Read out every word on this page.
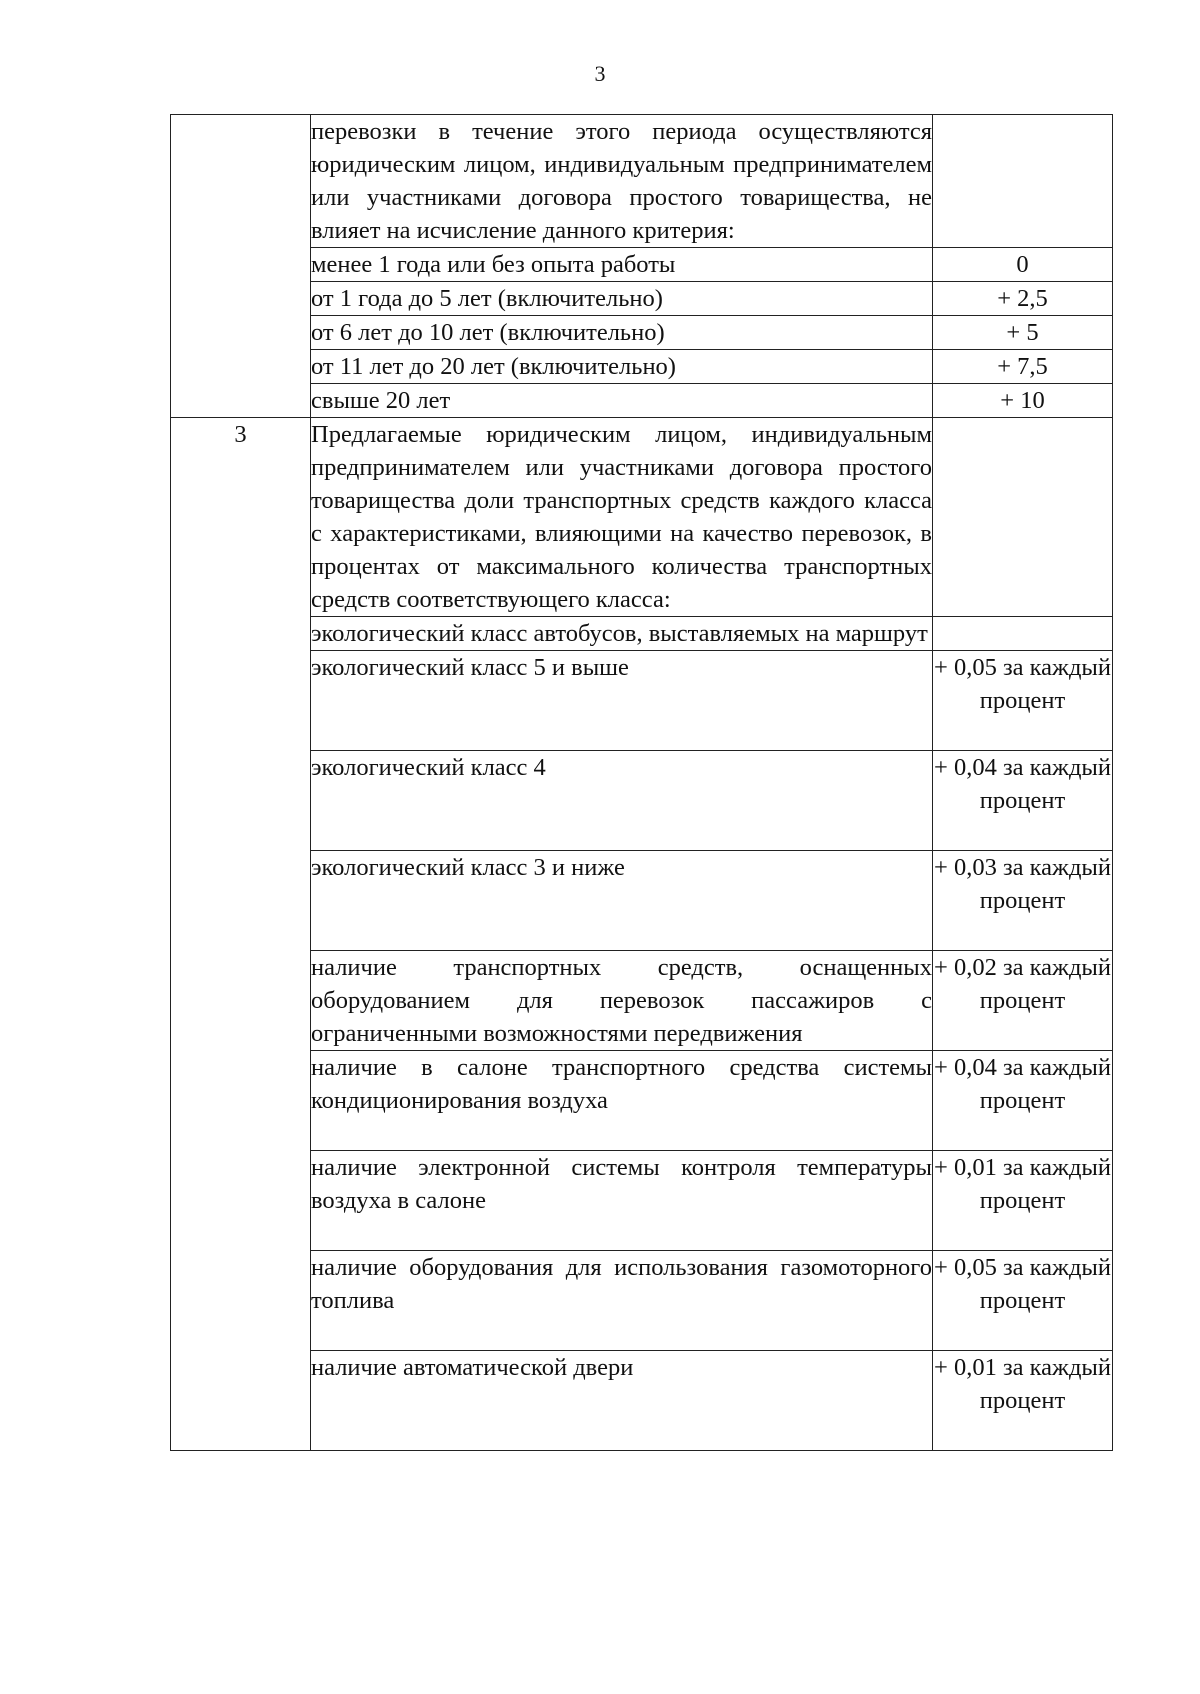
3
	перевозки в течение этого периода осуществляются юридическим лицом, индивидуальным предпринимателем или участниками договора простого товарищества, не влияет на исчисление данного критерия:	
	менее 1 года или без опыта работы	0
	от 1 года до 5 лет (включительно)	+ 2,5
	от 6 лет до 10 лет (включительно)	+ 5
	от 11 лет до 20 лет (включительно)	+ 7,5
	свыше 20 лет	+ 10
3	Предлагаемые юридическим лицом, индивидуальным предпринимателем или участниками договора простого товарищества доли транспортных средств каждого класса с характеристиками, влияющими на качество перевозок, в процентах от максимального количества транспортных средств соответствующего класса:	
	экологический класс автобусов, выставляемых на маршрут	
	экологический класс 5 и выше	+ 0,05 за каждый процент
	экологический класс 4	+ 0,04 за каждый процент
	экологический класс 3 и ниже	+ 0,03 за каждый процент
	наличие транспортных средств, оснащенных оборудованием для перевозок пассажиров с ограниченными возможностями передвижения	+ 0,02 за каждый процент
	наличие в салоне транспортного средства системы кондиционирования воздуха	+ 0,04 за каждый процент
	наличие электронной системы контроля температуры воздуха в салоне	+ 0,01 за каждый процент
	наличие оборудования для использования газомоторного топлива	+ 0,05 за каждый процент
	наличие автоматической двери	+ 0,01 за каждый процент
